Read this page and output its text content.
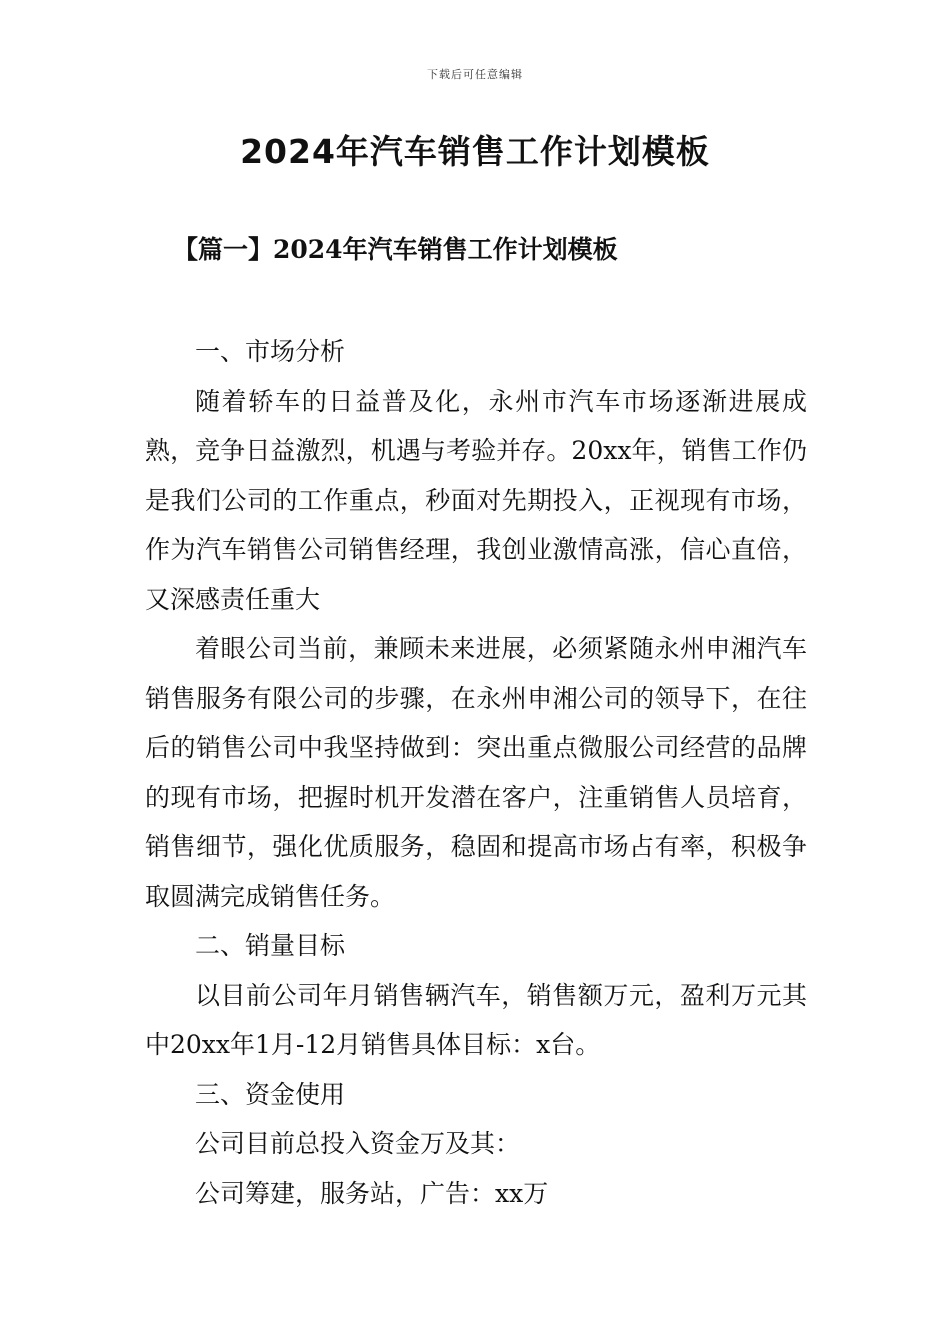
下载后可任意编辑
2024年汽车销售工作计划模板
【篇一】2024年汽车销售工作计划模板

一、市场分析

随着轿车的日益普及化，永州市汽车市场逐渐进展成熟，竞争日益激烈，机遇与考验并存。20xx年，销售工作仍是我们公司的工作重点，秒面对先期投入，正视现有市场，作为汽车销售公司销售经理，我创业激情高涨，信心直倍，又深感责任重大

着眼公司当前，兼顾未来进展，必须紧随永州申湘汽车销售服务有限公司的步骤，在永州申湘公司的领导下，在往后的销售公司中我坚持做到：突出重点微服公司经营的品牌的现有市场，把握时机开发潜在客户，注重销售人员培育，销售细节，强化优质服务，稳固和提高市场占有率，积极争取圆满完成销售任务。

二、销量目标

以目前公司年月销售辆汽车，销售额万元，盈利万元其中20xx年1月-12月销售具体目标：x台。

三、资金使用

公司目前总投入资金万及其：

公司筹建，服务站，广告：xx万
